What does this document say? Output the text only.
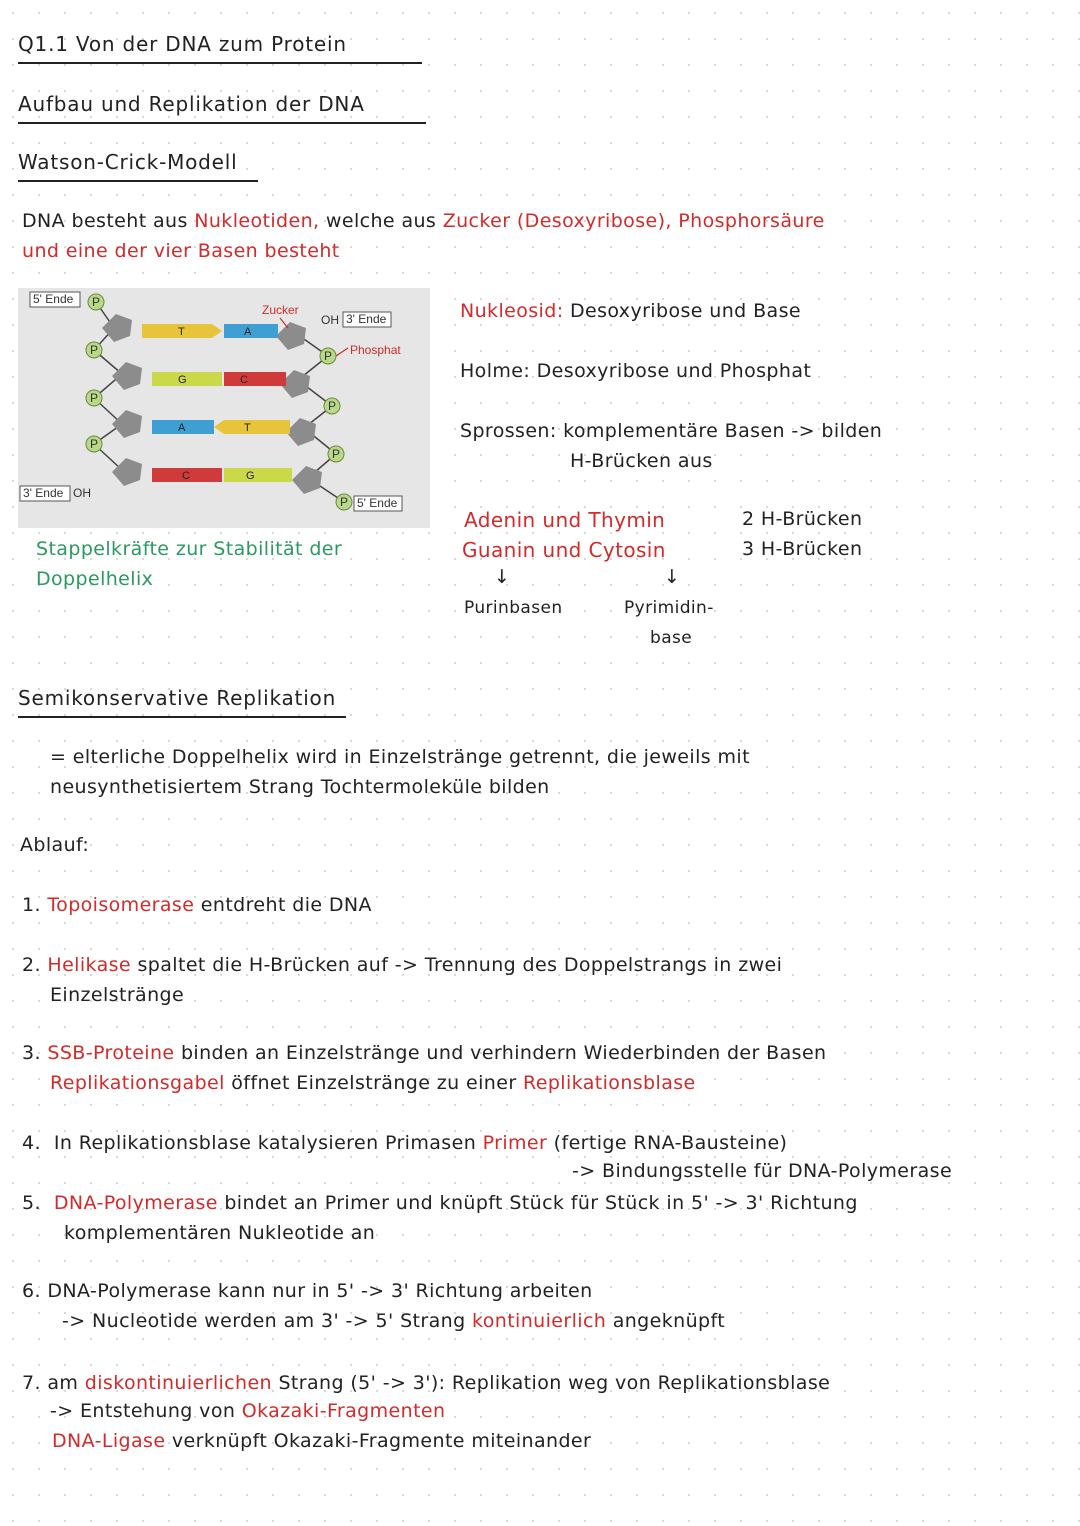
Q1.1 Von der DNA zum Protein
Aufbau und Replikation der DNA
Watson-Crick-Modell
DNA besteht aus Nukleotiden, welche aus Zucker (Desoxyribose), Phosphorsäure
und eine der vier Basen besteht
T	A
G	C
A	T
C	G
P
P
P
P
P
P
P
P
5' Ende
OH 3' Ende
3' Ende OH
5' Ende
Zucker
Phosphat
Nukleosid: Desoxyribose und Base
Holme: Desoxyribose und Phosphat
Sprossen: komplementäre Basen -> bilden
H-Brücken aus
Adenin und Thymin	2 H-Brücken
Guanin und Cytosin	3 H-Brücken
↓	↓
Purinbasen	Pyrimidin-
base
Stappelkräfte zur Stabilität der
Doppelhelix
Semikonservative Replikation
= elterliche Doppelhelix wird in Einzelstränge getrennt, die jeweils mit
neusynthetisiertem Strang Tochtermoleküle bilden
Ablauf:
1. Topoisomerase entdreht die DNA
2. Helikase spaltet die H-Brücken auf -> Trennung des Doppelstrangs in zwei
Einzelstränge
3. SSB-Proteine binden an Einzelstränge und verhindern Wiederbinden der Basen
Replikationsgabel öffnet Einzelstränge zu einer Replikationsblase
4. In Replikationsblase katalysieren Primasen Primer (fertige RNA-Bausteine)
-> Bindungsstelle für DNA-Polymerase
5. DNA-Polymerase bindet an Primer und knüpft Stück für Stück in 5' -> 3' Richtung
komplementären Nukleotide an
6. DNA-Polymerase kann nur in 5' -> 3' Richtung arbeiten
-> Nucleotide werden am 3' -> 5' Strang kontinuierlich angeknüpft
7. am diskontinuierlichen Strang (5' -> 3'): Replikation weg von Replikationsblase
-> Entstehung von Okazaki-Fragmenten
DNA-Ligase verknüpft Okazaki-Fragmente miteinander
